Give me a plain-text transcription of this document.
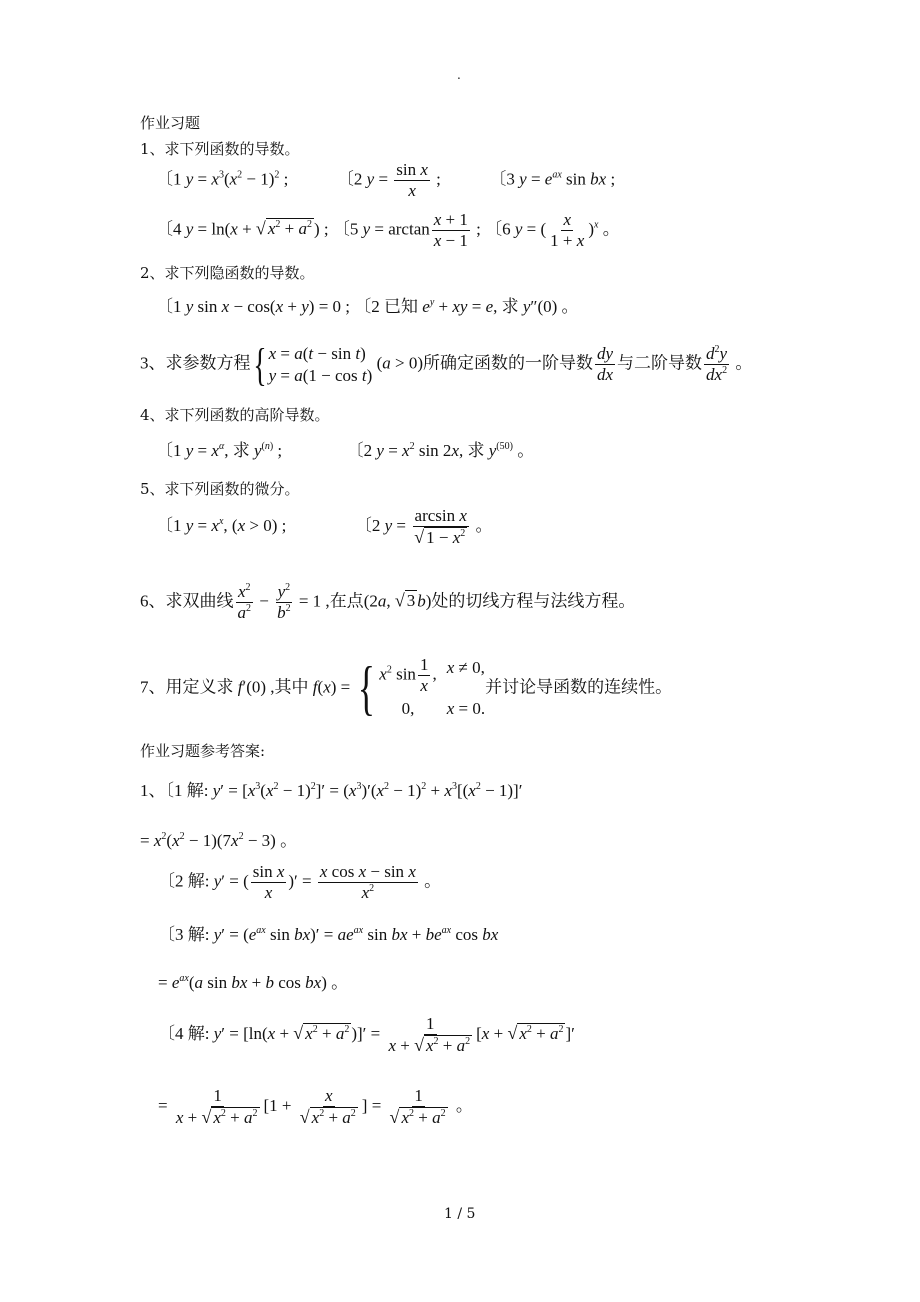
.
作业习题
1、求下列函数的导数。
〔1 $y = x^3(x^2 - 1)^2$ ;	〔2 $y = \frac{\text{sin x}}{x}$ ;	〔3 $y = e^{ax}$ sin bx ;
〔4 y = ln(x + √ $x^2 + a^2$ ) ; 〔5 $y = \arctan \frac{x + 1}{x - 1}$ ; 〔6 y = ( $\frac{x}{1 + x} )^x$ 。
2、求下列隐函数的导数。
〔1 y sin x − cos(x + y) = 0 ; 〔2 已知 $e^y$ + xy = e, 求 y″(0) 。
3、求参数方程{ x = a(t − sin t)
y = a(1 − cos t)
(a > 0)所确定函数的一阶导数 $\frac{dy}{dx}$ 与二阶导数 $\frac{d^2y}{dx^2}$ 。
4、求下列函数的高阶导数。
〔1 $y = x^\alpha$, 求 $y^{(n)}$ ;	〔2 $y = x^2$ sin 2x, 求 $y^{(50)}$ 。
5、求下列函数的微分。
〔1 $y = x^x$, (x > 0) ;	〔2 $y = \frac{\text{arcsin x}}{√ 1 - x^2}$ 。
6、求双曲线 $\frac{x^2}{a^2} - \frac{y^2}{b^2} = 1$ ,在点(2a, √ 3 b)处的切线方程与法线方程。
7、用定义求 f′(0) ,其中 f(x) = { $x^2$ $\sin \frac{1}{x}$ , x ≠ 0,
0,	x = 0.
并讨论导函数的连续性。
作业习题参考答案:
1、〔1 解: $y' = [x^3(x^2 - 1)^2]' = (x^3)'(x^2 - 1)^2 + x^3[(x^2 - 1)]'$
= $x^2(x^2 - 1)(7x^2 - 3)$ 。
〔2 解: y′ = ( $\frac{\text{sin x}}{x}$ )′ = $\frac{\text{x cos x − sin x}}{x^2}$ 。
〔3 解: $y' = (e^{ax}$ $\sin bx)' = ae^{ax}$ sin bx + $be^{ax}$ cos bx
= $e^{ax}(a$ sin bx + b cos bx) 。
〔4 解: y′ = [ln(x + √ $x^2 + a^2$ )]′ = $\frac{1}{x + √ x^2 + a^2} [x$ + √ $x^2 + a^2$ ]′
= $\frac{1}{x + √ x^2 + a^2} [1 + \frac{x}{√ x^2 + a^2}$ ] = $\frac{1}{√ x^2 + a^2}$ 。
1 / 5
